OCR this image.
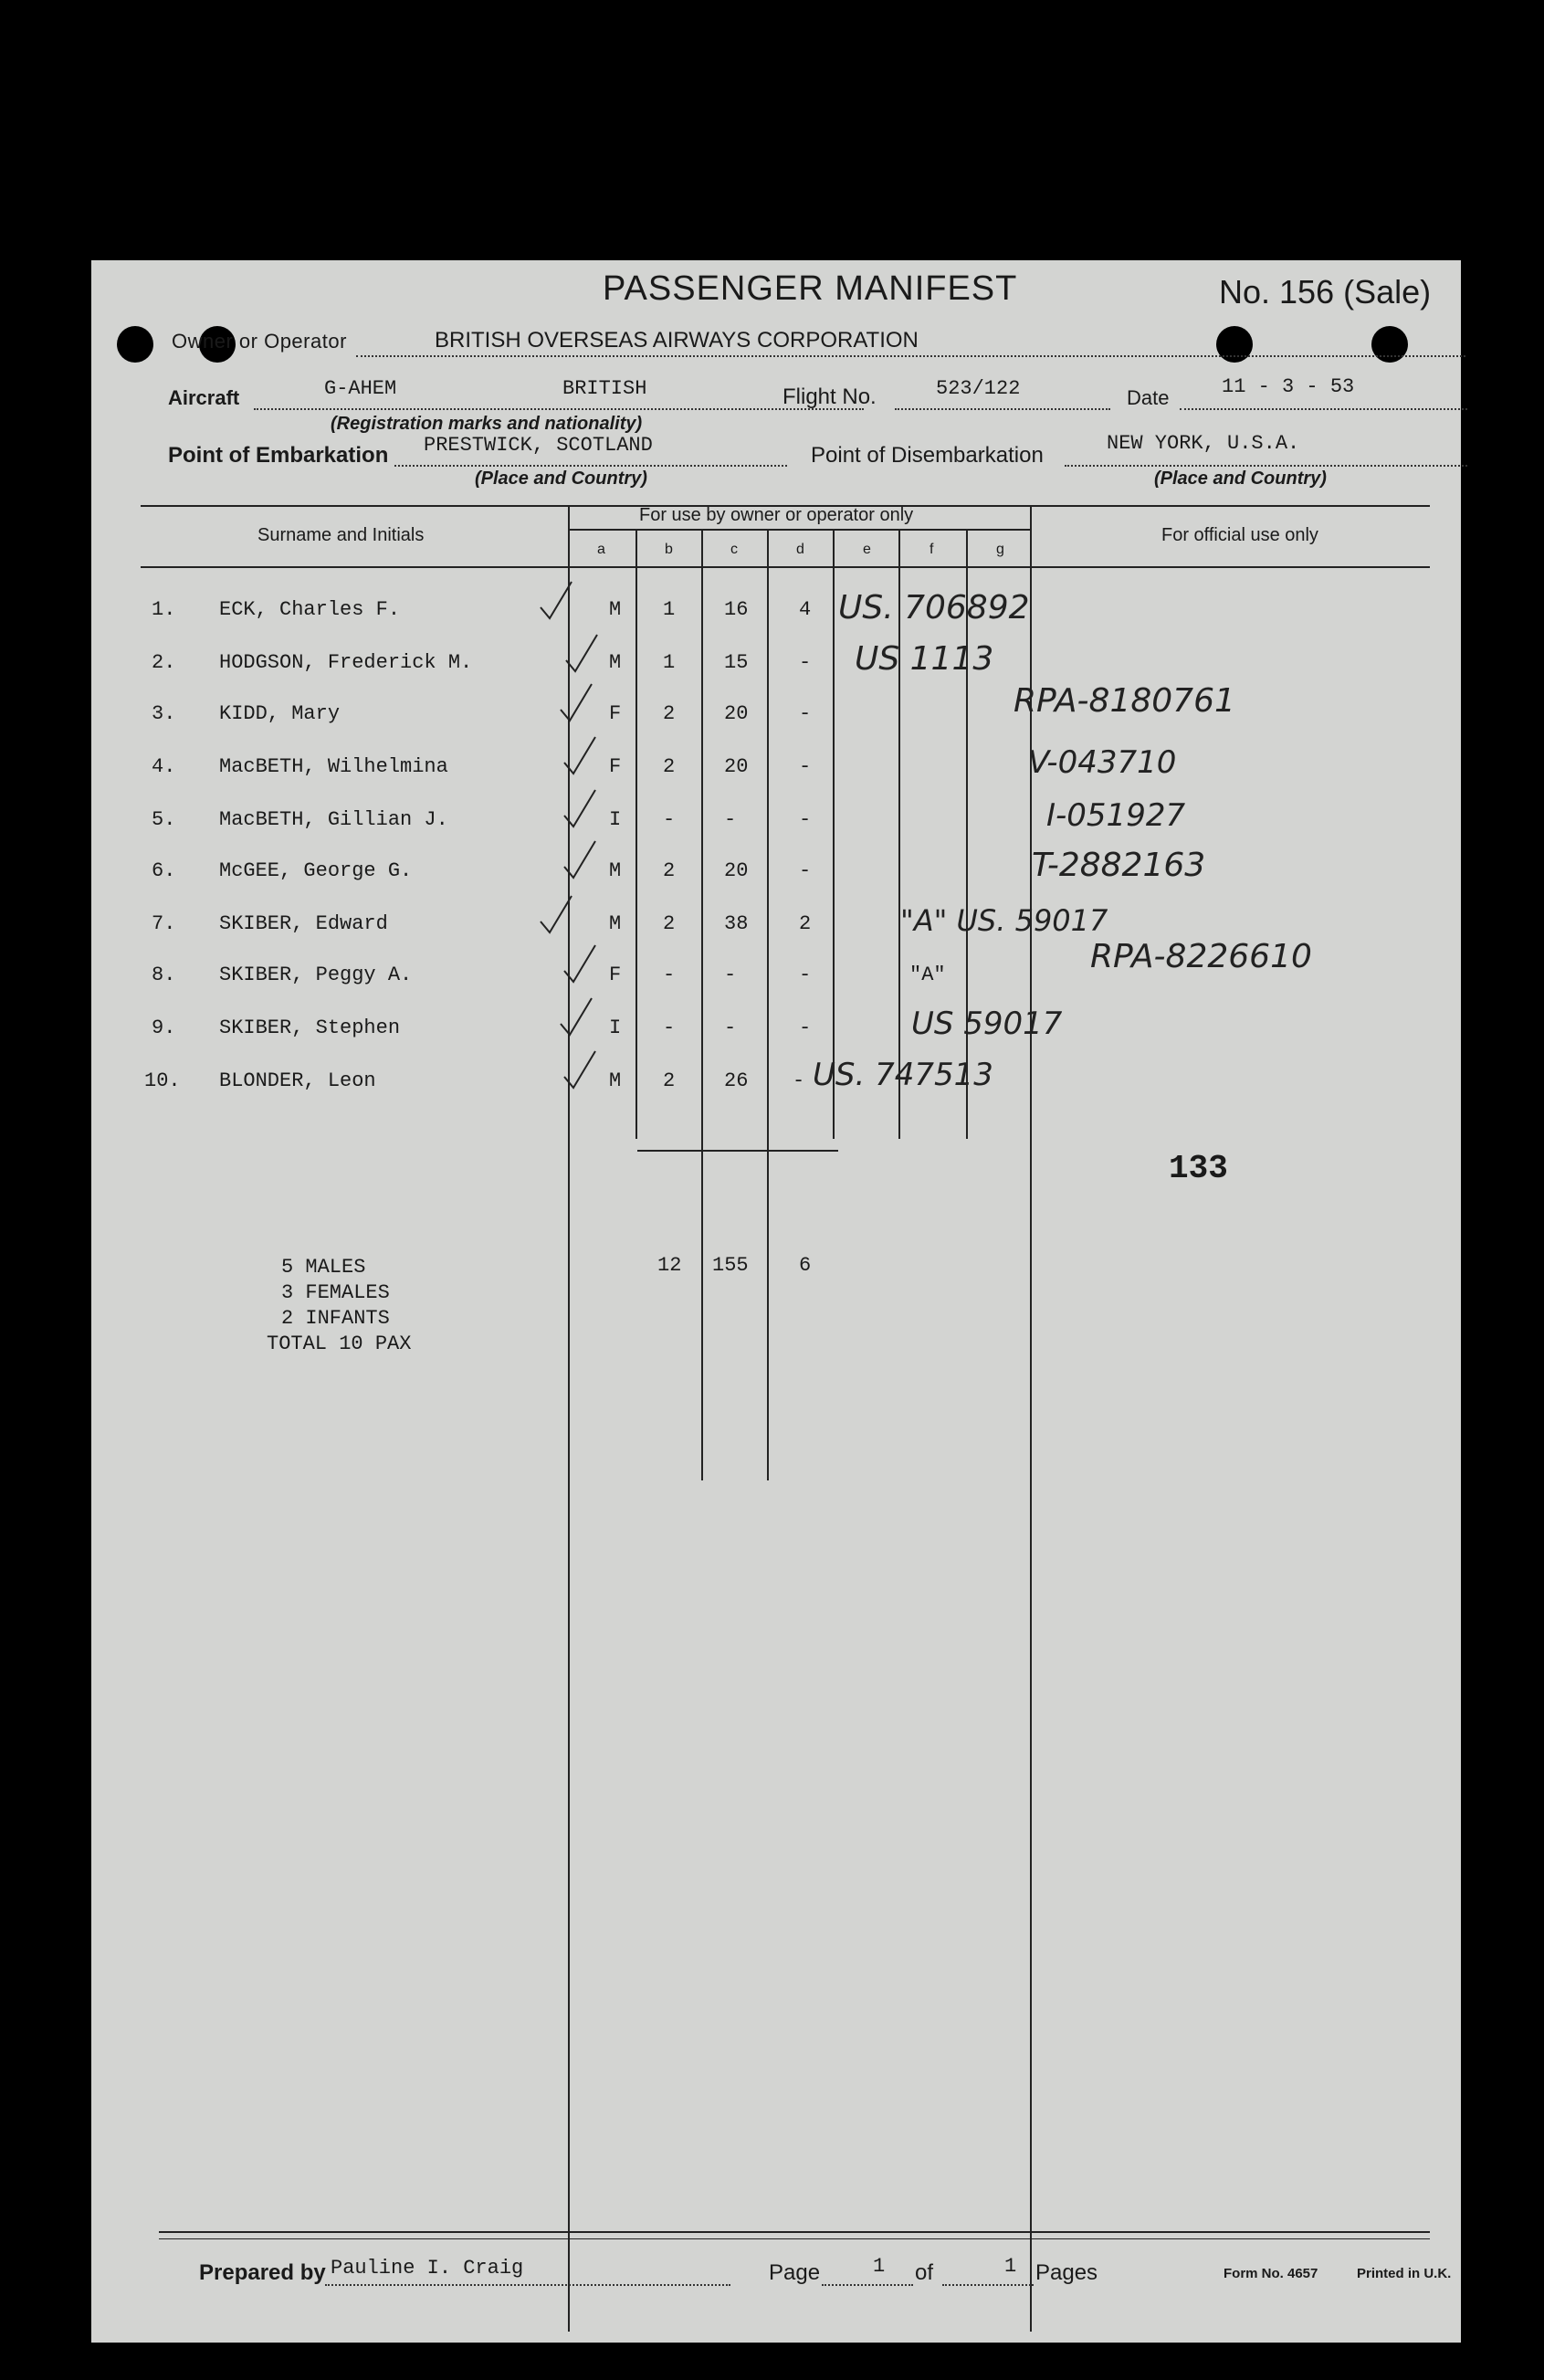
PASSENGER MANIFEST	No. 156 (Sale)
Owner or Operator	BRITISH OVERSEAS AIRWAYS CORPORATION
Aircraft	G-AHEM	BRITISH	Flight No.	523/122	Date	11 - 3 - 53
(Registration marks and nationality)
Point of Embarkation PRESTWICK, SCOTLAND	Point of Disembarkation	NEW YORK, U.S.A.
(Place and Country)	(Place and Country)
Surname and Initials
For use by owner or operator only
For official use only
a	b	c	d	e	f	g
1. ECK, Charles F.	M 1 16	4 US. 706892
2. HODGSON, Frederick M.	M 1 15	- US 1113
3. KIDD, Mary	F 2 20	-	RPA-8180761
4. MacBETH, Wilhelmina	F 2 20	-	V-043710
5. MacBETH, Gillian J.	I - -	-	I-051927
6. McGEE, George G.	M 2 20	-	T-2882163
7. SKIBER, Edward	M 2 38	2	"A" US. 59017
8. SKIBER, Peggy A.	F - -	-	"A"	RPA-8226610
9. SKIBER, Stephen	I - -	-	US 59017
10. BLONDER, Leon	M 2 26 - US. 747513
133
12 155	6
5 MALES
3 FEMALES
2 INFANTS
TOTAL 10 PAX
Prepared by Pauline I. Craig	Page	1 of	1 Pages	Form No. 4657	Printed in U.K.
